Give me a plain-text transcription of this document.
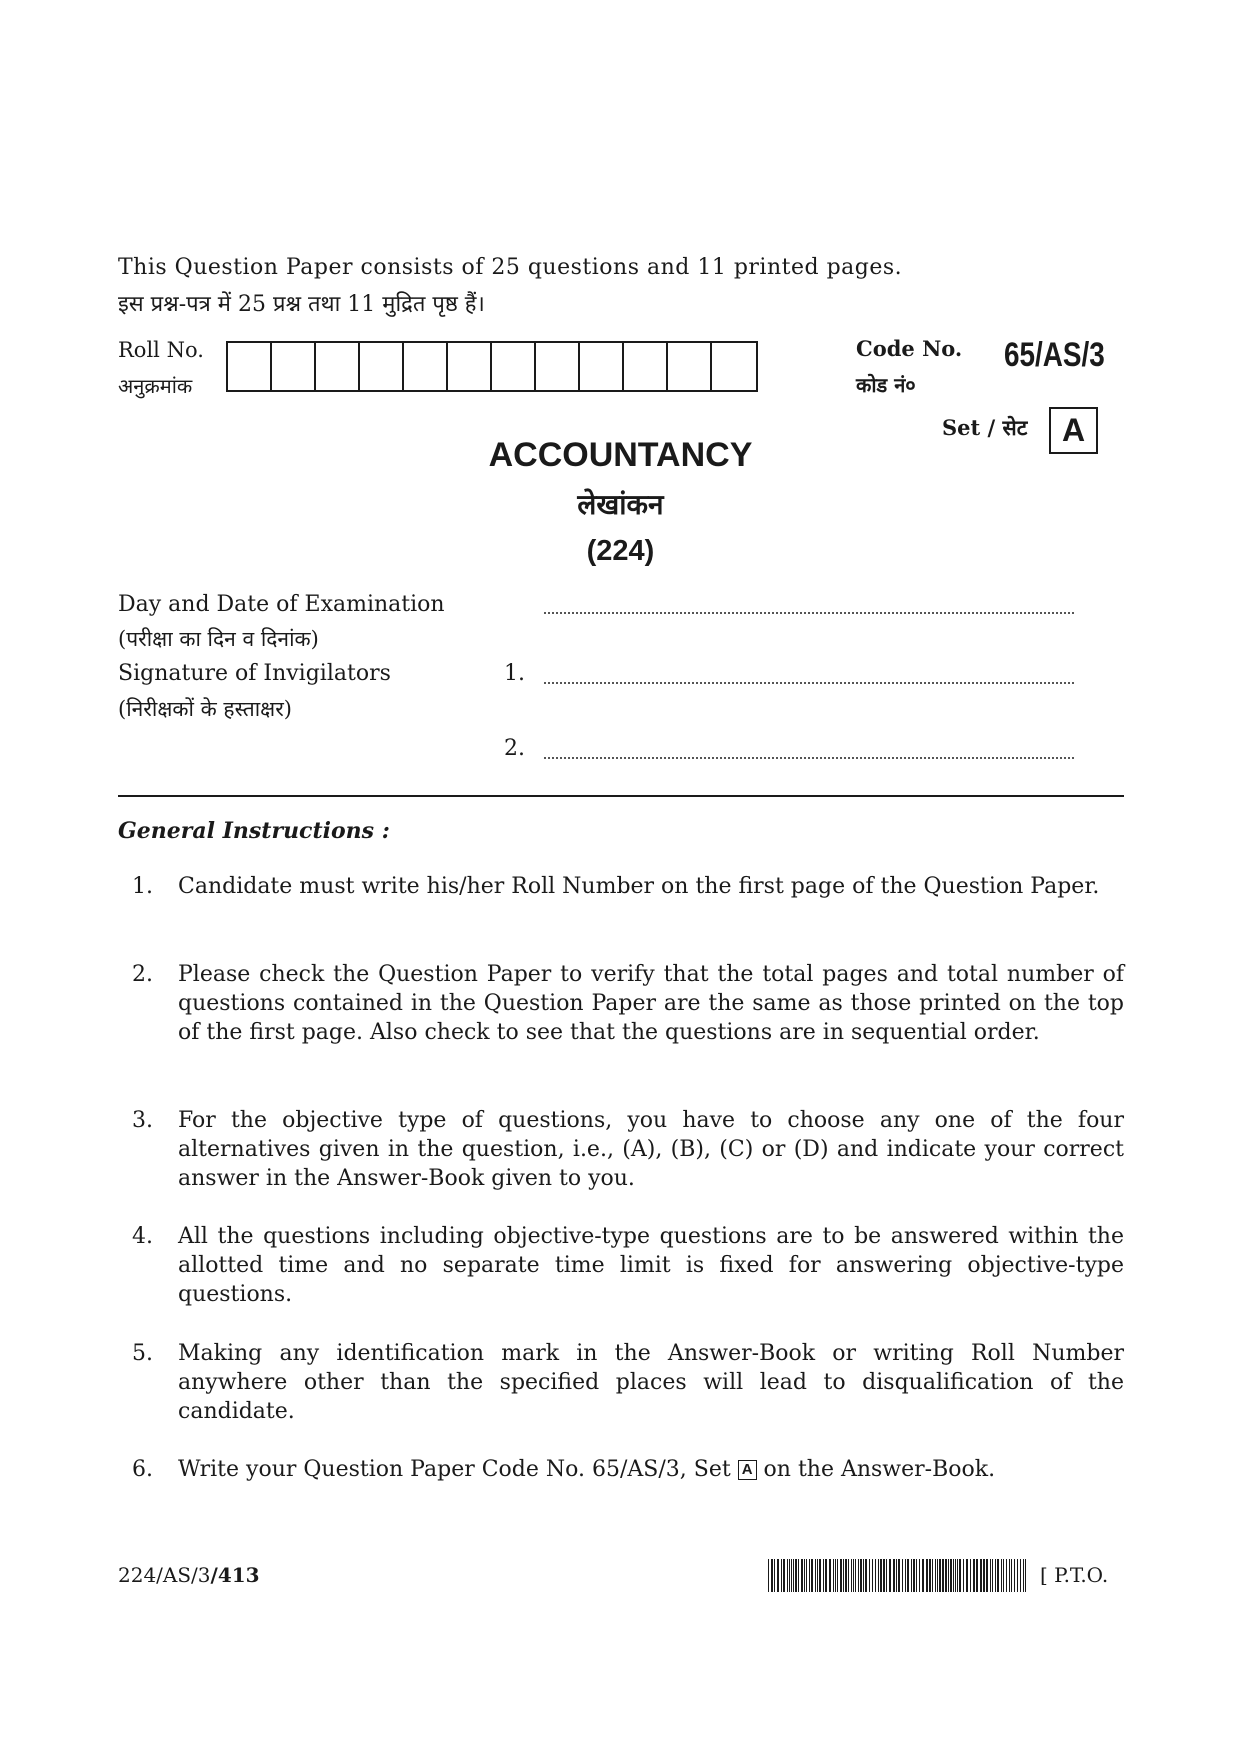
This Question Paper consists of 25 questions and 11 printed pages.
इस प्रश्न-पत्र में 25 प्रश्न तथा 11 मुद्रित पृष्ठ हैं।
Roll No.
अनुक्रमांक
Code No.
कोड नं०
65/AS/3
Set / सेट	A
ACCOUNTANCY
लेखांकन
(224)
Day and Date of Examination
(परीक्षा का दिन व दिनांक)
Signature of Invigilators
(निरीक्षकों के हस्ताक्षर)
1.
2.
General Instructions :
1.	Candidate must write his/her Roll Number on the first page of the Question Paper.
2.	Please check the Question Paper to verify that the total pages and total number of questions contained in the Question Paper are the same as those printed on the top of the first page. Also check to see that the questions are in sequential order.
3.	For the objective type of questions, you have to choose any one of the four alternatives given in the question, i.e., (A), (B), (C) or (D) and indicate your correct answer in the Answer-Book given to you.
4.	All the questions including objective-type questions are to be answered within the allotted time and no separate time limit is fixed for answering objective-type questions.
5.	Making any identification mark in the Answer-Book or writing Roll Number anywhere other than the specified places will lead to disqualification of the candidate.
6.	Write your Question Paper Code No. 65/AS/3, Set A on the Answer-Book.
224/AS/3/413	[ P.T.O.
